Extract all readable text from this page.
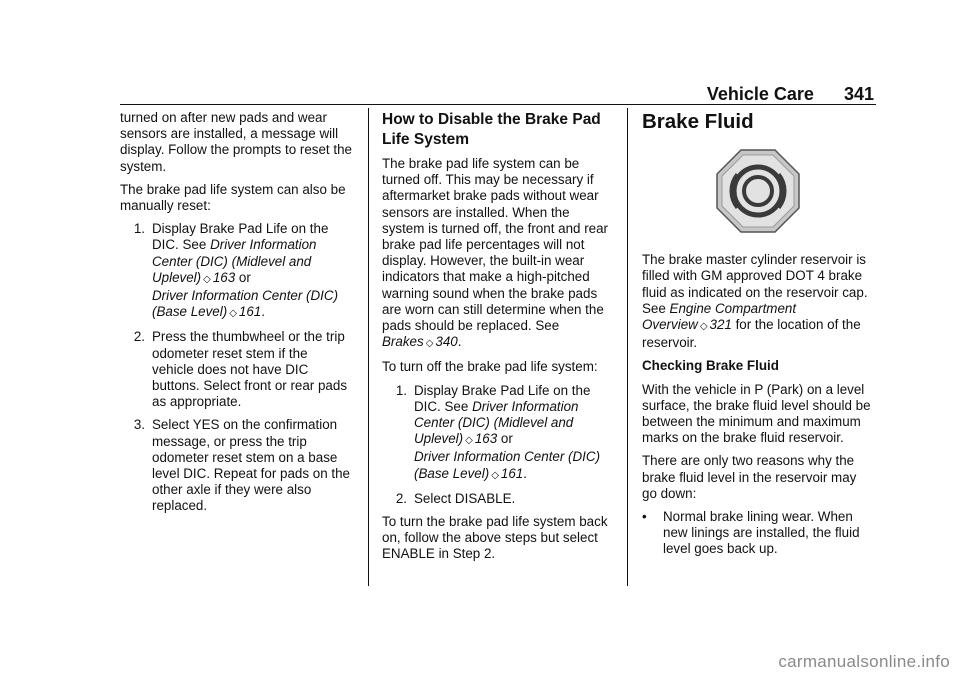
Vehicle Care 341

turned on after new pads and wear sensors are installed, a message will display. Follow the prompts to reset the system.

The brake pad life system can also be manually reset:

1. Display Brake Pad Life on the DIC. See Driver Information Center (DIC) (Midlevel and Uplevel) ◇ 163 or
Driver Information Center (DIC) (Base Level) ◇ 161.
2. Press the thumbwheel or the trip odometer reset stem if the vehicle does not have DIC buttons. Select front or rear pads as appropriate.
3. Select YES on the confirmation message, or press the trip odometer reset stem on a base level DIC. Repeat for pads on the other axle if they were also replaced.
How to Disable the Brake Pad Life System

The brake pad life system can be turned off. This may be necessary if aftermarket brake pads without wear sensors are installed. When the system is turned off, the front and rear brake pad life percentages will not display. However, the built-in wear indicators that make a high-pitched warning sound when the brake pads are worn can still determine when the pads should be replaced. See Brakes ◇ 340.

To turn off the brake pad life system:

1. Display Brake Pad Life on the DIC. See Driver Information Center (DIC) (Midlevel and Uplevel) ◇ 163 or
Driver Information Center (DIC) (Base Level) ◇ 161.
2. Select DISABLE.

To turn the brake pad life system back on, follow the above steps but select ENABLE in Step 2.

Brake Fluid

The brake master cylinder reservoir is filled with GM approved DOT 4 brake fluid as indicated on the reservoir cap. See Engine Compartment Overview ◇ 321 for the location of the reservoir.

Checking Brake Fluid

With the vehicle in P (Park) on a level surface, the brake fluid level should be between the minimum and maximum marks on the brake fluid reservoir.

There are only two reasons why the brake fluid level in the reservoir may go down:

•	Normal brake lining wear. When new linings are installed, the fluid level goes back up.
carmanualsonline.info
